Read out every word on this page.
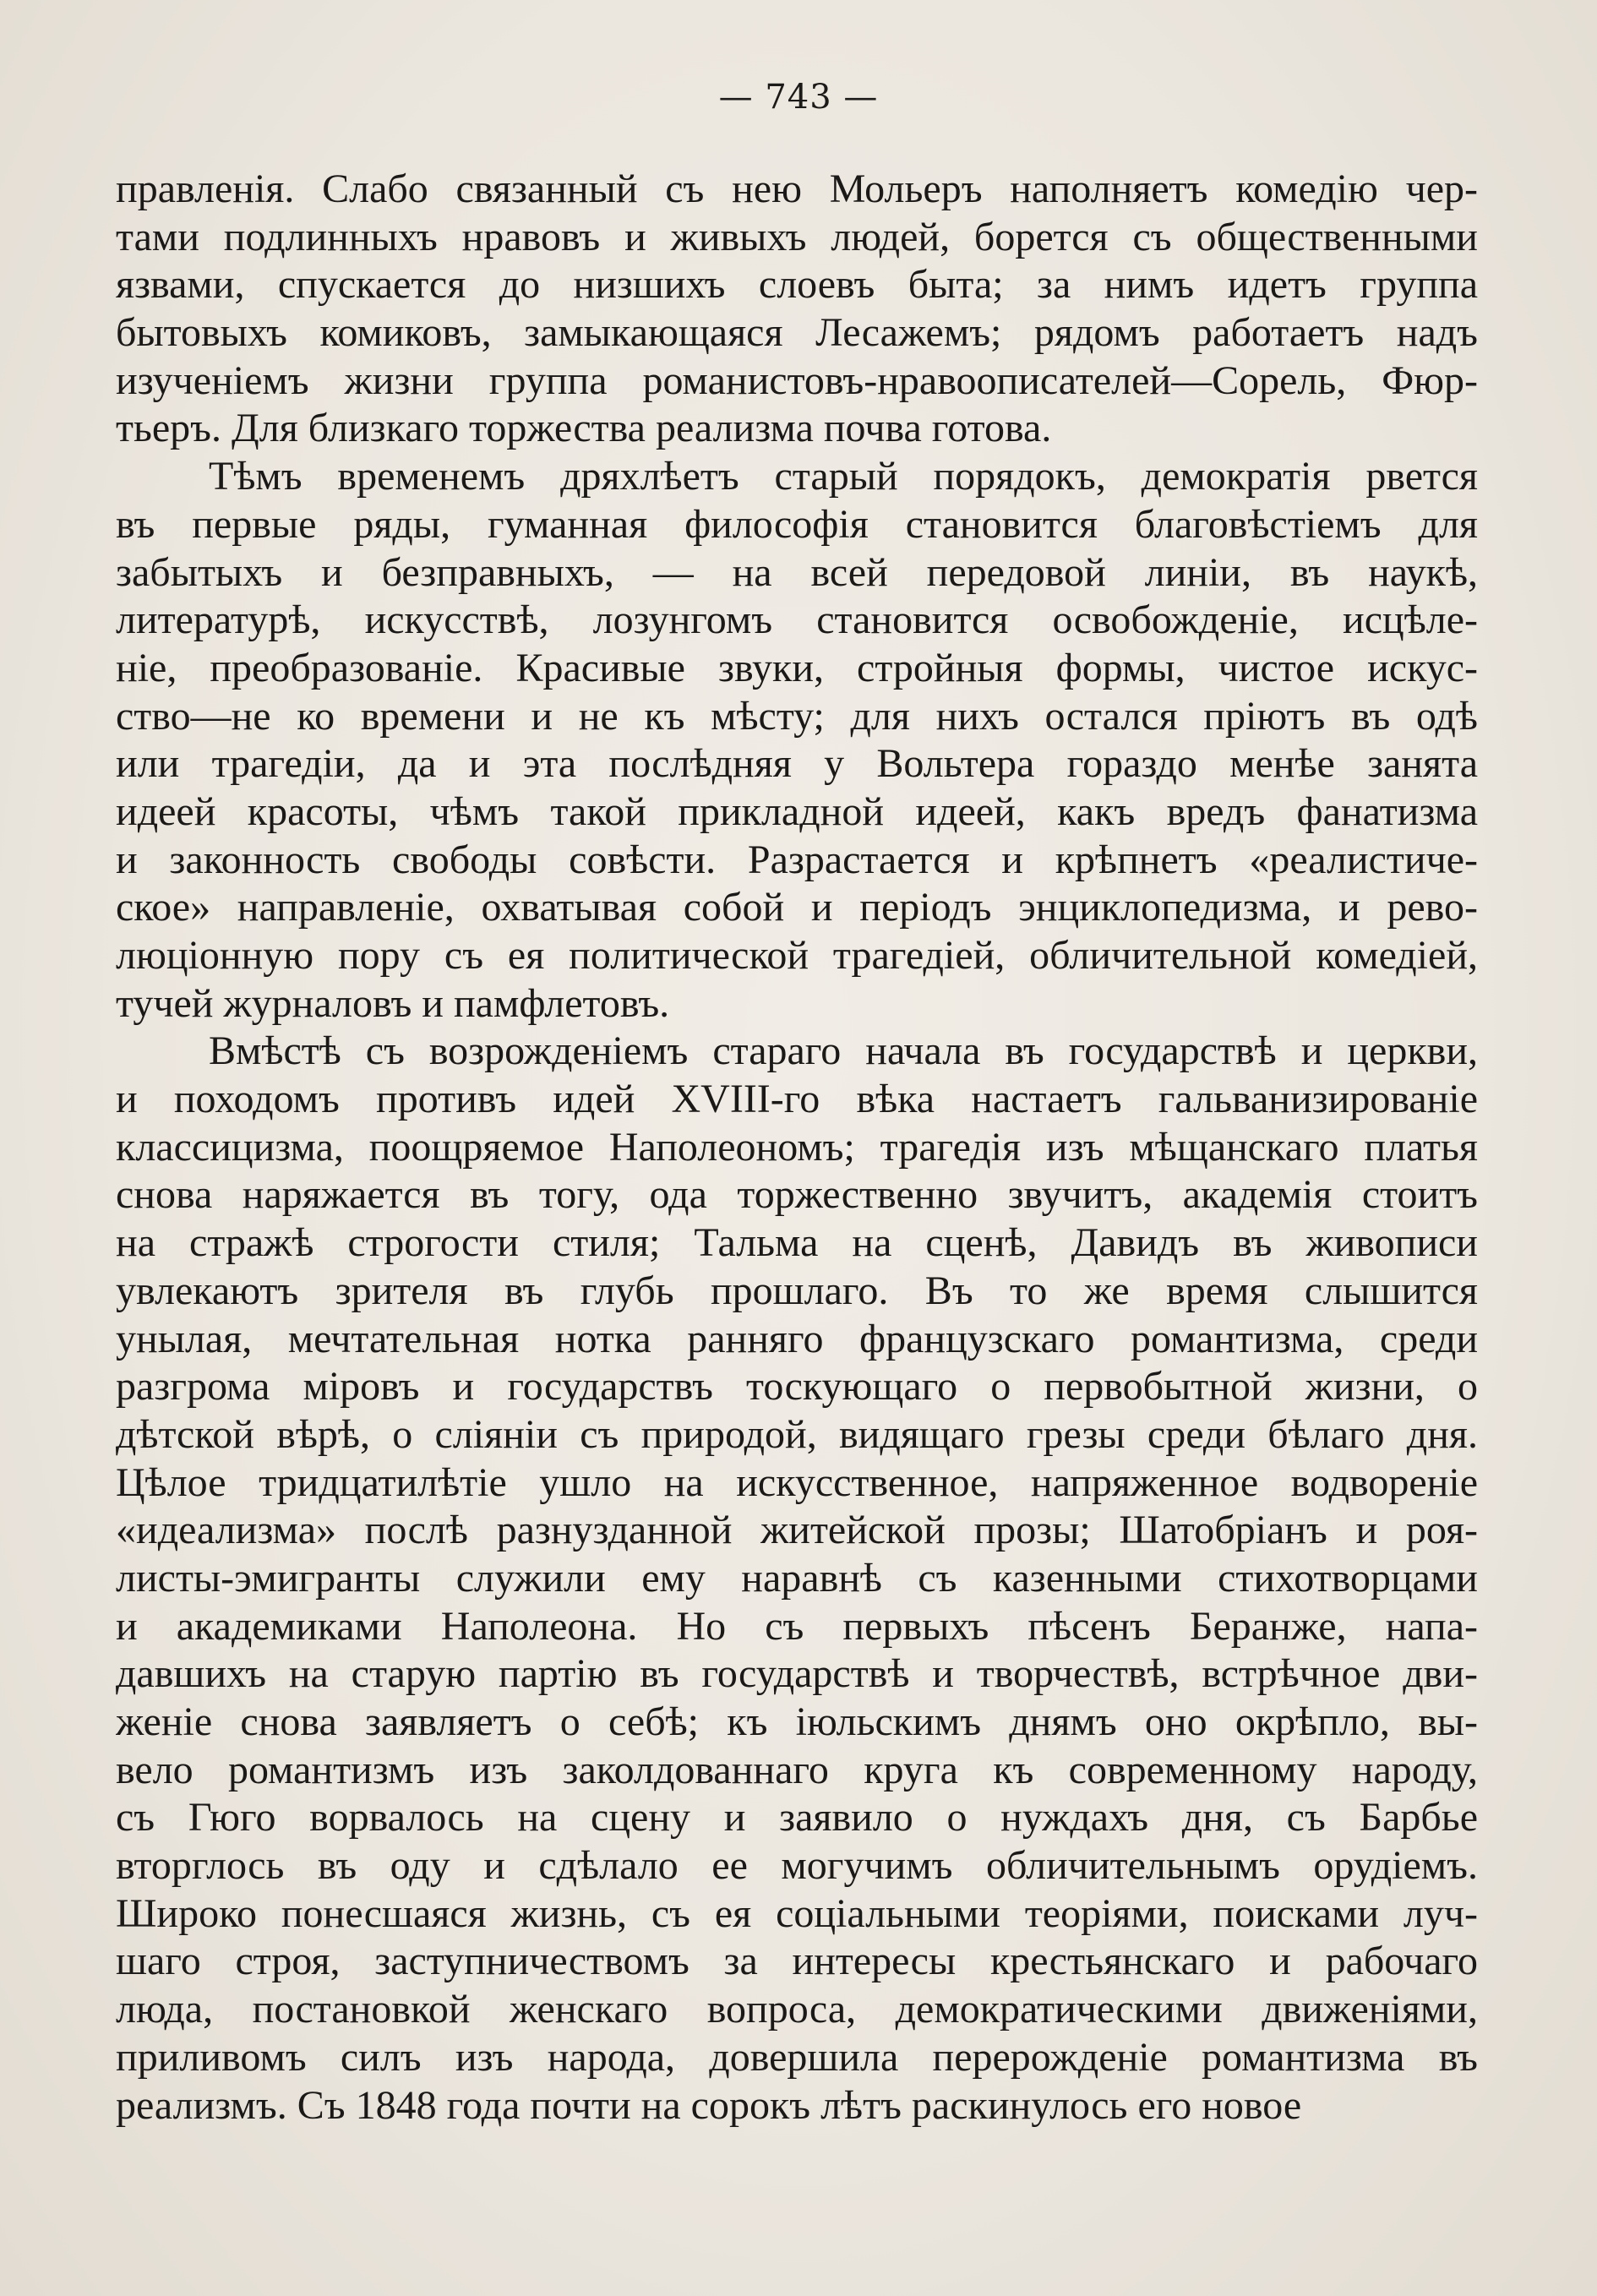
— 743 —
правленія. Слабо связанный съ нею Мольеръ наполняетъ комедію чер-
тами подлинныхъ нравовъ и живыхъ людей, борется съ общественными
язвами, спускается до низшихъ слоевъ быта; за нимъ идетъ группа
бытовыхъ комиковъ, замыкающаяся Лесажемъ; рядомъ работаетъ надъ
изученіемъ жизни группа романистовъ-нравоописателей—Сорель, Фюр-
тьеръ. Для близкаго торжества реализма почва готова.
Тѣмъ временемъ дряхлѣетъ старый порядокъ, демократія рвется
въ первые ряды, гуманная философія становится благовѣстіемъ для
забытыхъ и безправныхъ, — на всей передовой линіи, въ наукѣ,
литературѣ, искусствѣ, лозунгомъ становится освобожденіе, исцѣле-
ніе, преобразованіе. Красивые звуки, стройныя формы, чистое искус-
ство—не ко времени и не къ мѣсту; для нихъ остался пріютъ въ одѣ
или трагедіи, да и эта послѣдняя у Вольтера гораздо менѣе занята
идеей красоты, чѣмъ такой прикладной идеей, какъ вредъ фанатизма
и законность свободы совѣсти. Разрастается и крѣпнетъ «реалистиче-
ское» направленіе, охватывая собой и періодъ энциклопедизма, и рево-
люціонную пору съ ея политической трагедіей, обличительной комедіей,
тучей журналовъ и памфлетовъ.
Вмѣстѣ съ возрожденіемъ стараго начала въ государствѣ и церкви,
и походомъ противъ идей XVIII-го вѣка настаетъ гальванизированіе
классицизма, поощряемое Наполеономъ; трагедія изъ мѣщанскаго платья
снова наряжается въ тогу, ода торжественно звучитъ, академія стоитъ
на стражѣ строгости стиля; Тальма на сценѣ, Давидъ въ живописи
увлекаютъ зрителя въ глубь прошлаго. Въ то же время слышится
унылая, мечтательная нотка ранняго французскаго романтизма, среди
разгрома міровъ и государствъ тоскующаго о первобытной жизни, о
дѣтской вѣрѣ, о сліяніи съ природой, видящаго грезы среди бѣлаго дня.
Цѣлое тридцатилѣтіе ушло на искусственное, напряженное водвореніе
«идеализма» послѣ разнузданной житейской прозы; Шатобріанъ и роя-
листы-эмигранты служили ему наравнѣ съ казенными стихотворцами
и академиками Наполеона. Но съ первыхъ пѣсенъ Беранже, напа-
давшихъ на старую партію въ государствѣ и творчествѣ, встрѣчное дви-
женіе снова заявляетъ о себѣ; къ іюльскимъ днямъ оно окрѣпло, вы-
вело романтизмъ изъ заколдованнаго круга къ современному народу,
съ Гюго ворвалось на сцену и заявило о нуждахъ дня, съ Барбье
вторглось въ оду и сдѣлало ее могучимъ обличительнымъ орудіемъ.
Широко понесшаяся жизнь, съ ея соціальными теоріями, поисками луч-
шаго строя, заступничествомъ за интересы крестьянскаго и рабочаго
люда, постановкой женскаго вопроса, демократическими движеніями,
приливомъ силъ изъ народа, довершила перерожденіе романтизма въ
реализмъ. Съ 1848 года почти на сорокъ лѣтъ раскинулось его новое
